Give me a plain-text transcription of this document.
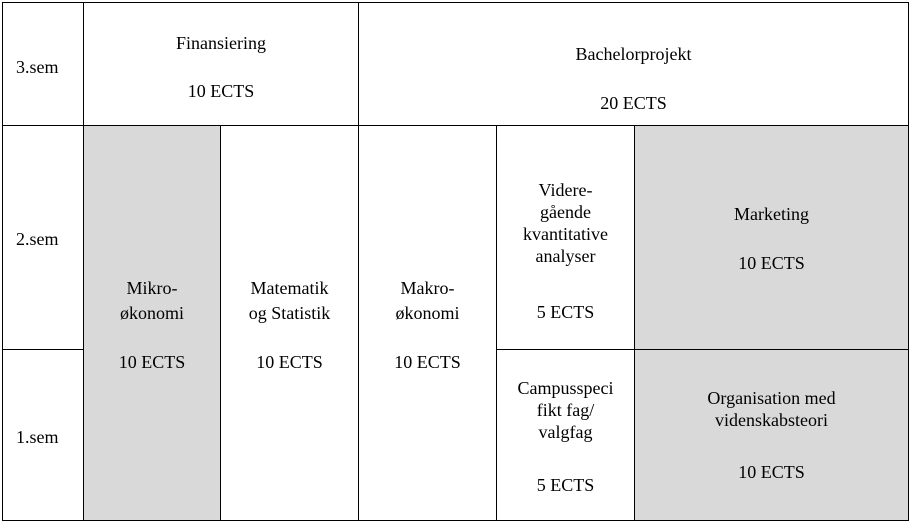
3.sem
2.sem
1.sem
Finansiering
10 ECTS
Bachelorprojekt
20 ECTS
Mikro-
økonomi
10 ECTS
Matematik
og Statistik
10 ECTS
Makro-
økonomi
10 ECTS
Videre-
gående
kvantitative
analyser
5 ECTS
Marketing
10 ECTS
Campusspeci
fikt fag/
valgfag
5 ECTS
Organisation med
videnskabsteori
10 ECTS
